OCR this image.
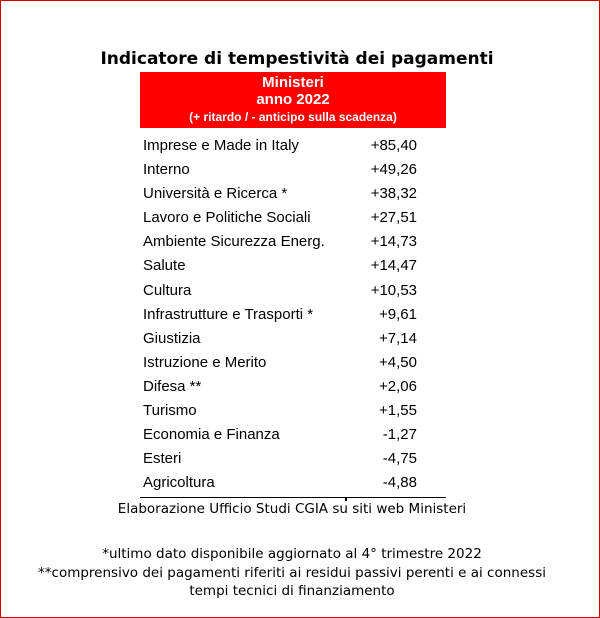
Indicatore di tempestività dei pagamenti
Ministeri
anno 2022
(+ ritardo / - anticipo sulla scadenza)
Imprese e Made in Italy	+85,40
Interno	+49,26
Università e Ricerca *	+38,32
Lavoro e Politiche Sociali	+27,51
Ambiente Sicurezza Energ.	+14,73
Salute	+14,47
Cultura	+10,53
Infrastrutture e Trasporti *	+9,61
Giustizia	+7,14
Istruzione e Merito	+4,50
Difesa **	+2,06
Turismo	+1,55
Economia e Finanza	-1,27
Esteri	-4,75
Agricoltura	-4,88
Elaborazione Ufficio Studi CGIA su siti web Ministeri
*ultimo dato disponibile aggiornato al 4° trimestre 2022
**comprensivo dei pagamenti riferiti ai residui passivi perenti e ai connessi
tempi tecnici di finanziamento
